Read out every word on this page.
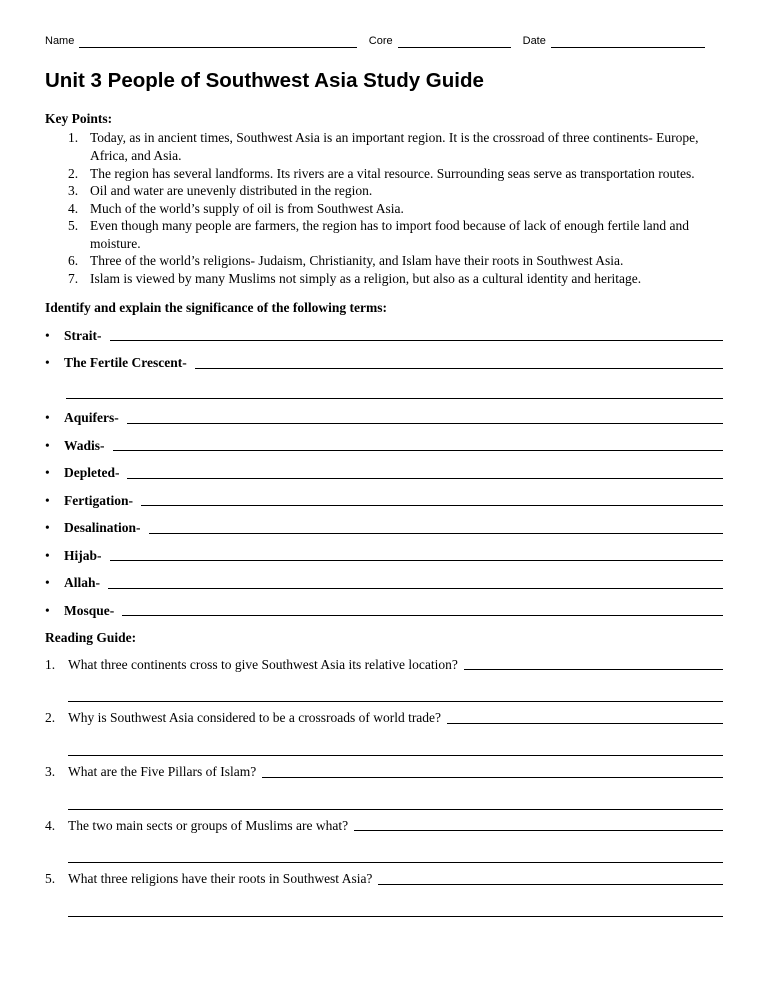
Name	Core	Date
Unit 3 People of Southwest Asia Study Guide
Key Points:
1. Today, as in ancient times, Southwest Asia is an important region. It is the crossroad of three continents- Europe, Africa, and Asia.
2. The region has several landforms. Its rivers are a vital resource. Surrounding seas serve as transportation routes.
3. Oil and water are unevenly distributed in the region.
4. Much of the world’s supply of oil is from Southwest Asia.
5. Even though many people are farmers, the region has to import food because of lack of enough fertile land and moisture.
6. Three of the world’s religions- Judaism, Christianity, and Islam have their roots in Southwest Asia.
7. Islam is viewed by many Muslims not simply as a religion, but also as a cultural identity and heritage.
Identify and explain the significance of the following terms:
•	Strait-
•	The Fertile Crescent-
•	Aquifers-
•	Wadis-
•	Depleted-
•	Fertigation-
•	Desalination-
•	Hijab-
•	Allah-
•	Mosque-
Reading Guide:
1. What three continents cross to give Southwest Asia its relative location?
2. Why is Southwest Asia considered to be a crossroads of world trade?
3. What are the Five Pillars of Islam?
4. The two main sects or groups of Muslims are what?
5. What three religions have their roots in Southwest Asia?
